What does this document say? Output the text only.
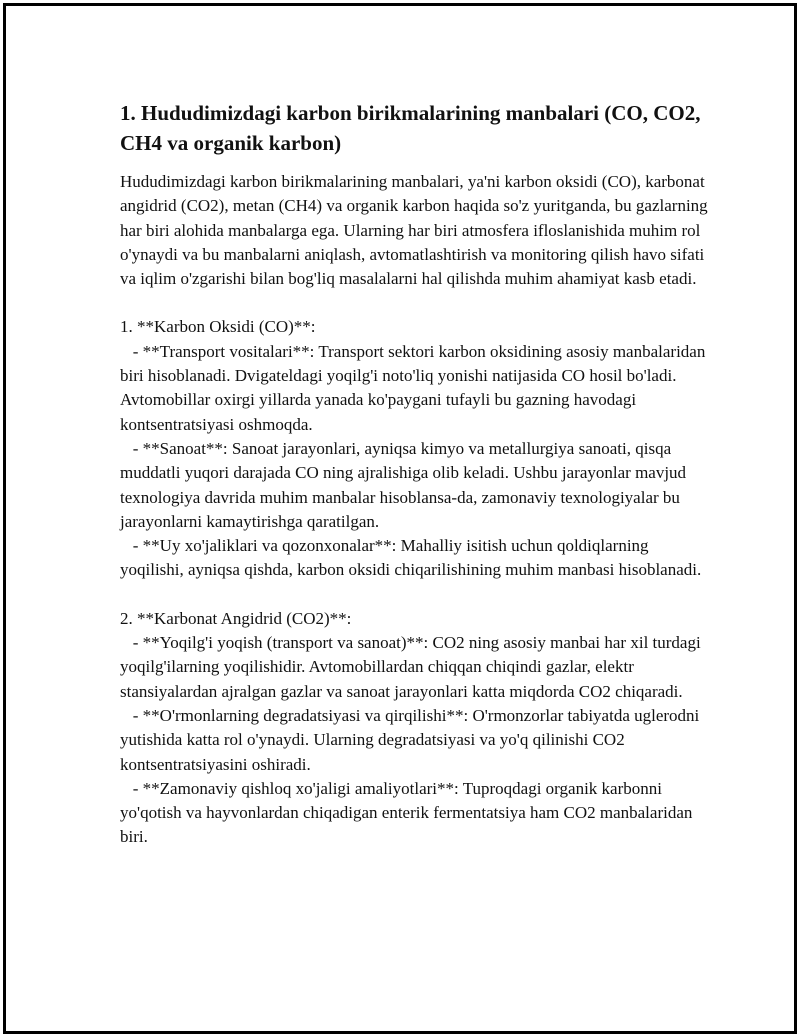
1. Hududimizdagi karbon birikmalarining manbalari (CO, CO2, CH4 va organik karbon)

Hududimizdagi karbon birikmalarining manbalari, ya'ni karbon oksidi (CO), karbonat angidrid (CO2), metan (CH4) va organik karbon haqida so'z yuritganda, bu gazlarning har biri alohida manbalarga ega. Ularning har biri atmosfera ifloslanishida muhim rol o'ynaydi va bu manbalarni aniqlash, avtomatlashtirish va monitoring qilish havo sifati va iqlim o'zgarishi bilan bog'liq masalalarni hal qilishda muhim ahamiyat kasb etadi.

1. **Karbon Oksidi (CO)**:
- **Transport vositalari**: Transport sektori karbon oksidining asosiy manbalaridan biri hisoblanadi. Dvigateldagi yoqilg'i noto'liq yonishi natijasida CO hosil bo'ladi. Avtomobillar oxirgi yillarda yanada ko'paygani tufayli bu gazning havodagi kontsentratsiyasi oshmoqda.
- **Sanoat**: Sanoat jarayonlari, ayniqsa kimyo va metallurgiya sanoati, qisqa muddatli yuqori darajada CO ning ajralishiga olib keladi. Ushbu jarayonlar mavjud texnologiya davrida muhim manbalar hisoblansa-da, zamonaviy texnologiyalar bu jarayonlarni kamaytirishga qaratilgan.
- **Uy xo'jaliklari va qozonxonalar**: Mahalliy isitish uchun qoldiqlarning yoqilishi, ayniqsa qishda, karbon oksidi chiqarilishining muhim manbasi hisoblanadi.

2. **Karbonat Angidrid (CO2)**:
- **Yoqilg'i yoqish (transport va sanoat)**: CO2 ning asosiy manbai har xil turdagi yoqilg'ilarning yoqilishidir. Avtomobillardan chiqqan chiqindi gazlar, elektr stansiyalardan ajralgan gazlar va sanoat jarayonlari katta miqdorda CO2 chiqaradi.
- **O'rmonlarning degradatsiyasi va qirqilishi**: O'rmonzorlar tabiyatda uglerodni yutishida katta rol o'ynaydi. Ularning degradatsiyasi va yo'q qilinishi CO2 kontsentratsiyasini oshiradi.
- **Zamonaviy qishloq xo'jaligi amaliyotlari**: Tuproqdagi organik karbonni yo'qotish va hayvonlardan chiqadigan enterik fermentatsiya ham CO2 manbalaridan biri.
